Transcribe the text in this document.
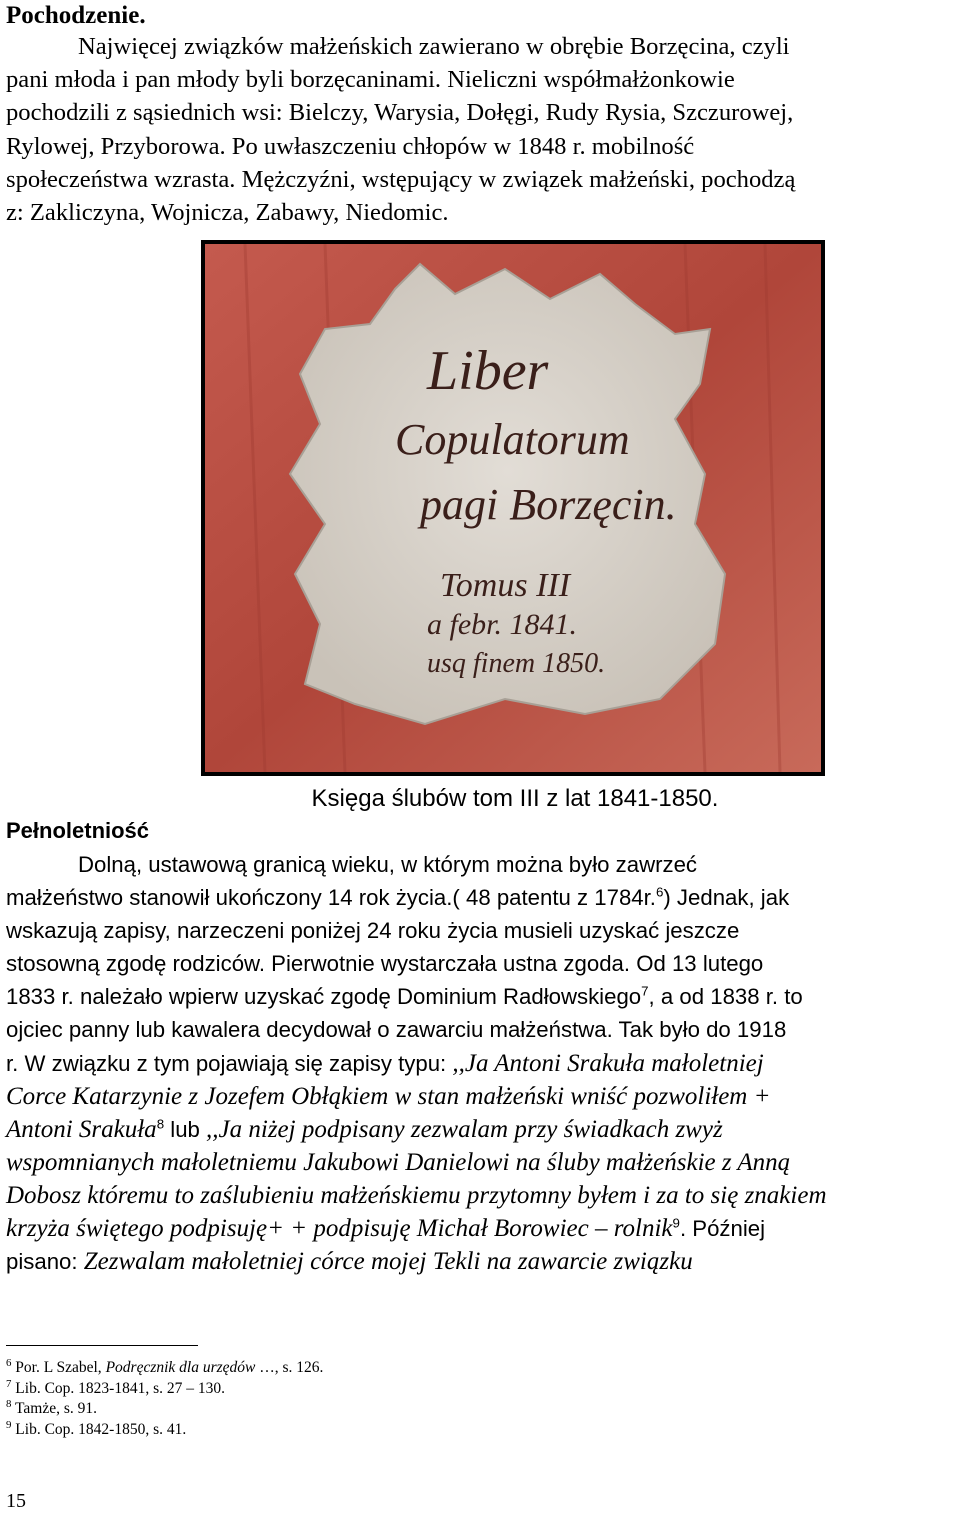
Pochodzenie.

Najwięcej związków małżeńskich zawierano w obrębie Borzęcina, czyli
pani młoda i pan młody byli borzęcaninami. Nieliczni współmałżonkowie
pochodzili z sąsiednich wsi: Bielczy, Warysia, Dołęgi, Rudy Rysia, Szczurowej,
Rylowej, Przyborowa. Po uwłaszczeniu chłopów w 1848 r. mobilność
społeczeństwa wzrasta. Mężczyźni, wstępujący w związek małżeński, pochodzą
z: Zakliczyna, Wojnicza, Zabawy, Niedomic.

Liber
Copulatorum
pagi Borzęcin.
Tomus III
a febr. 1841.
usq finem 1850.
Księga ślubów tom III z lat 1841-1850.
Pełnoletniość

Dolną, ustawową granicą wieku, w którym można było zawrzeć
małżeństwo stanowił ukończony 14 rok życia.( 48 patentu z 1784r.$^6$) Jednak, jak
wskazują zapisy, narzeczeni poniżej 24 roku życia musieli uzyskać jeszcze
stosowną zgodę rodziców. Pierwotnie wystarczała ustna zgoda. Od 13 lutego
1833 r. należało wpierw uzyskać zgodę Dominium Radłowskiego$^7$, a od 1838 r. to
ojciec panny lub kawalera decydował o zawarciu małżeństwa. Tak było do 1918
r. W związku z tym pojawiają się zapisy typu: ,,Ja Antoni Srakuła małoletniej
Corce Katarzynie z Jozefem Obłąkiem w stan małżeński wniść pozwoliłem +
Antoni Srakuła$^8$ lub ,,Ja niżej podpisany zezwalam przy świadkach zwyż
wspomnianych małoletniemu Jakubowi Danielowi na śluby małżeńskie z Anną
Dobosz któremu to zaślubieniu małżeńskiemu przytomny byłem i za to się znakiem
krzyża świętego podpisuję+ + podpisuję Michał Borowiec – rolnik$^9$. Później
pisano: Zezwalam małoletniej córce mojej Tekli na zawarcie związku

$^6$ Por. L Szabel, Podręcznik dla urzędów …, s. 126.
$^7$ Lib. Cop. 1823-1841, s. 27 – 130.
$^8$ Tamże, s. 91.
$^9$ Lib. Cop. 1842-1850, s. 41.
15
